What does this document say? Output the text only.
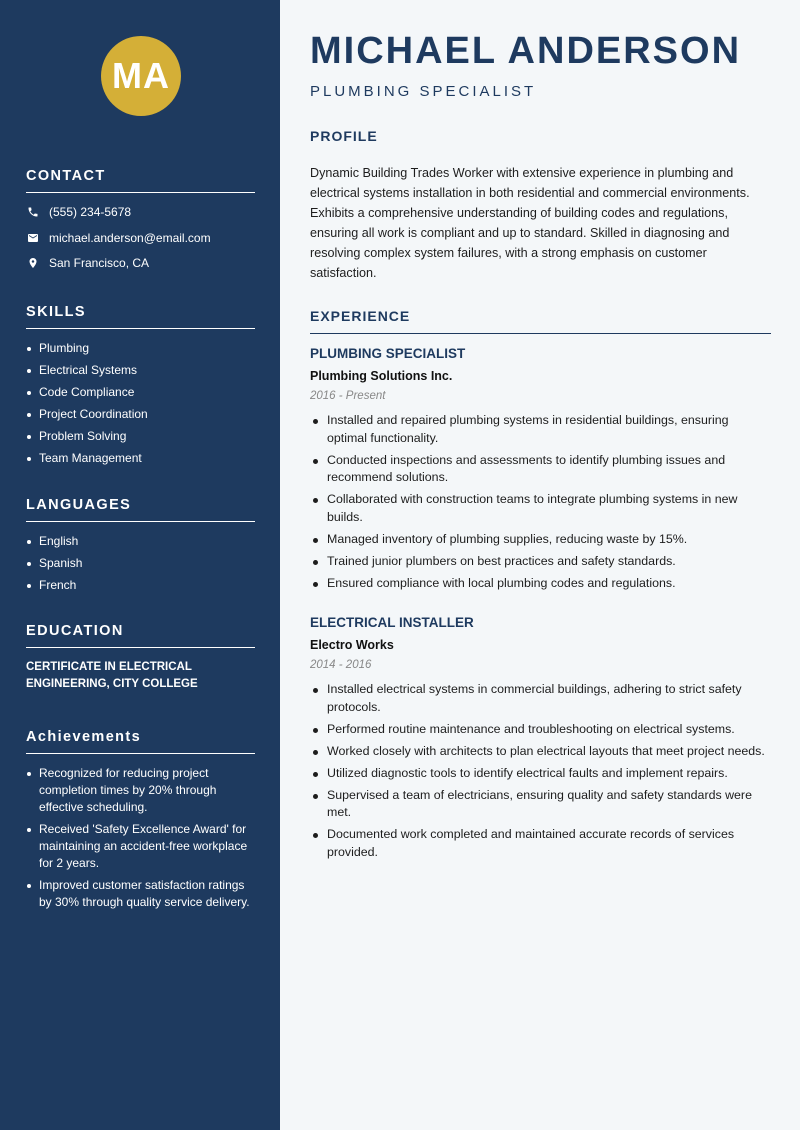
MA
CONTACT
(555) 234-5678
michael.anderson@email.com
San Francisco, CA
SKILLS
Plumbing
Electrical Systems
Code Compliance
Project Coordination
Problem Solving
Team Management
LANGUAGES
English
Spanish
French
EDUCATION
CERTIFICATE IN ELECTRICAL ENGINEERING, CITY COLLEGE
Achievements
Recognized for reducing project completion times by 20% through effective scheduling.
Received 'Safety Excellence Award' for maintaining an accident-free workplace for 2 years.
Improved customer satisfaction ratings by 30% through quality service delivery.
MICHAEL ANDERSON
PLUMBING SPECIALIST
PROFILE
Dynamic Building Trades Worker with extensive experience in plumbing and electrical systems installation in both residential and commercial environments. Exhibits a comprehensive understanding of building codes and regulations, ensuring all work is compliant and up to standard. Skilled in diagnosing and resolving complex system failures, with a strong emphasis on customer satisfaction.
EXPERIENCE
PLUMBING SPECIALIST
Plumbing Solutions Inc.
2016 - Present
Installed and repaired plumbing systems in residential buildings, ensuring optimal functionality.
Conducted inspections and assessments to identify plumbing issues and recommend solutions.
Collaborated with construction teams to integrate plumbing systems in new builds.
Managed inventory of plumbing supplies, reducing waste by 15%.
Trained junior plumbers on best practices and safety standards.
Ensured compliance with local plumbing codes and regulations.
ELECTRICAL INSTALLER
Electro Works
2014 - 2016
Installed electrical systems in commercial buildings, adhering to strict safety protocols.
Performed routine maintenance and troubleshooting on electrical systems.
Worked closely with architects to plan electrical layouts that meet project needs.
Utilized diagnostic tools to identify electrical faults and implement repairs.
Supervised a team of electricians, ensuring quality and safety standards were met.
Documented work completed and maintained accurate records of services provided.
